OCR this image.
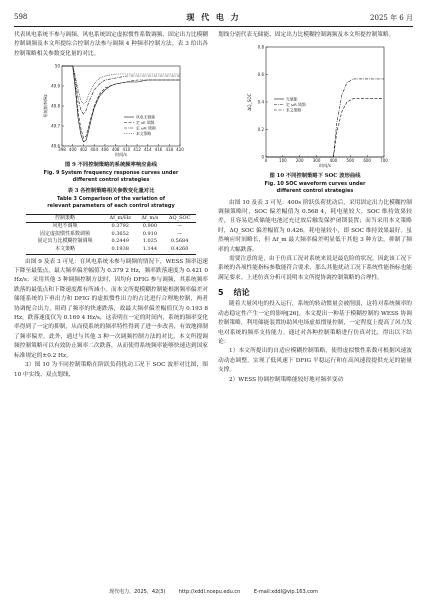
598	现 代 电 力	2025 年 6 月

代表风电系统不参与调频、风电系统固定虚拟惯性系数调频、固定出力比模糊控制调频及本文所提综合控制方法参与调频 4 种频率控制方法。表 3 给出各控制策略相关参数变化量的对比。

398 400 402 404 406 408 410 412 414 416 418 420
49.6
49.7
49.8
49.9
50
时间/s
系统频率/Hz	风电无调频
定 vE 调频
定 ωR 调频
本文策略
图 9 不同控制策略的系统频率响应曲线
Fig. 9 System frequency response curves under
different control strategies
表 3 各控制策略相关参数变化量对比
Table 3 Comparison of the variation of
relevant parameters of each control strategy
控制策略	Δf_m/Hz	Δf_m/s	ΔQ_SOC
风电不调频	0.3792	0.900	—
固定虚拟惯性系数调频	0.3652	0.910	—
固定出力比模糊控制调频	0.2449	1.025	0.5684
本文策略	0.1938	1.144	0.4260

由图 9 及表 3 可见：在风电系统未参与调频的情况下，WESS 频率迅速下降至最低点，最大频率偏差幅值为 0.379 2 Hz，频率跌落速度为 0.421 0 Hz/s；采用其他 3 种调频控制方法时，因均有 DFIG 参与调频，其系统频率跌落的最低点和下降速度都有所减小。而本文所提模糊控制能根据频率偏差对储能系统的下垂出力和 DFIG 的虚拟惯性出力的占比进行合理地控制，两者协调配合出力，阻碍了频率的快速跌落，故最大频率偏差幅值仅为 0.193 8 Hz，跌落速度仅为 0.169 4 Hz/s，这表明在一定的时间内，系统的频率变化率得到了一定的抑制，从而使系统的频率特性得到了进一步改善，有效地抑制了频率偏差。此外，通过与其他 3 种一次调频控制方法的对比，本文所提调频控制策略可以有效防止频率二次跌落，从而使得系统频率能够快速达到国家标准规定的±0.2 Hz。

3）图 10 为不同控制策略在阶跃负荷扰动工况下 SOC 波形对比图，图 10 中实线、双点划线、

划线分别代表无储能、固定出力比模糊控制调频及本文所提控制策略。

0	100 200 300 400 500 600 700
0
0.2
0.4
0.6
0.8
时间/s
ΔQ_SOC	无储能
定 ωR 调频
本文策略
图 10 不同控制策略下 SOC 波形曲线
Fig. 10 SOC waveform curves under
different control strategies

由图 10 及表 3 可见：400s 阶跃负荷扰动后，采用固定出力比模糊控制调频策略时，SOC 偏差幅值为 0.568 4，耗电量较大，SOC 维持效果较差，且容易造成储能电池过充过放后触发保护闭锁装置；而当采用本文策略时，ΔQ_SOC 偏差幅值为 0.426，耗电量较小，即 SOC 维持效果最好。虽然响应时间略长，但 Δf_m 最大频率偏差明显低于其他 3 种方法，抑制了频率的大幅跌落。

需要注意的是，由于仿真工况对系统来说是最危险的状况，因此该工况下系统的各项性能指标参数能符合要求，那么其他扰动工况下系统性能指标也能满足要求。上述仿真分析可说明本文所提协调控制策略的合理性。

5 结论

随着大量风电的投入运行，系统的转动惯量会被削弱，这将对系统频率的动态稳定性产生一定的影响[26]。本文提出一种基于模糊控制的 WESS 协调控制策略，利用储能装置协助风电场虚拟惯量控制，一定程度上提高了风力发电对系统的频率支持能力。通过对各种控制策略进行仿真对比，得出以下结论：

1）本文所提出的自适应模糊控制策略，使得虚拟惯性系数可根据风速波动动态调整，实现了低风速下 DFIG 平稳运行和在高风速段提供充足的能量支撑。

2）WESS 协调控制策略能较好地对频率变动

现代电力，2025，42(3)	http://xddl.ncepu.edu.cn	E-mail:xddl@vip.163.com
